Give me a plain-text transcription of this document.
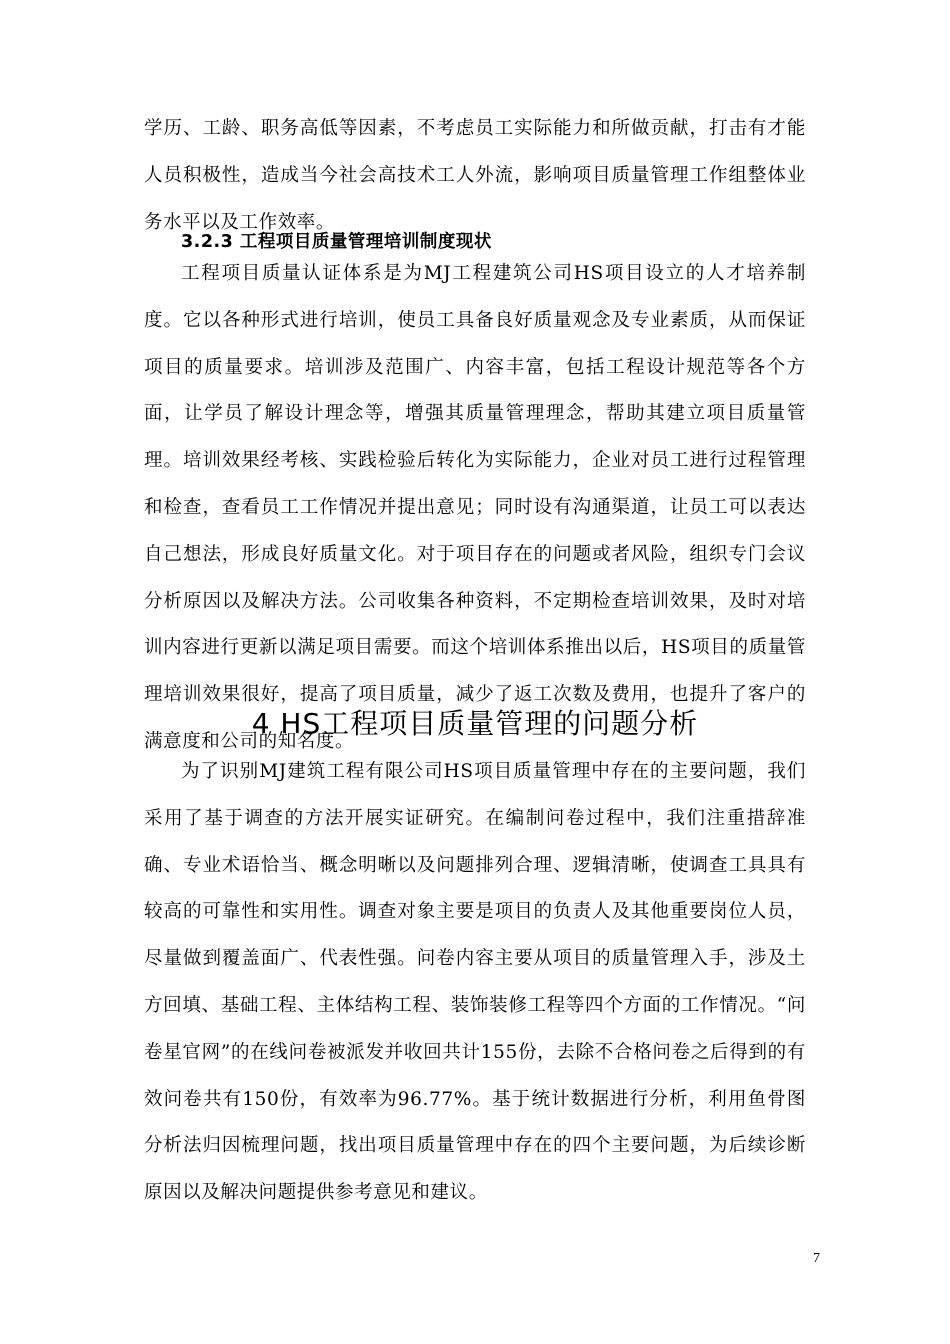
学历、工龄、职务高低等因素，不考虑员工实际能力和所做贡献，打击有才能人员积极性，造成当今社会高技术工人外流，影响项目质量管理工作组整体业务水平以及工作效率。

3.2.3 工程项目质量管理培训制度现状

工程项目质量认证体系是为MJ工程建筑公司HS项目设立的人才培养制度。它以各种形式进行培训，使员工具备良好质量观念及专业素质，从而保证项目的质量要求。培训涉及范围广、内容丰富，包括工程设计规范等各个方面，让学员了解设计理念等，增强其质量管理理念，帮助其建立项目质量管理。培训效果经考核、实践检验后转化为实际能力，企业对员工进行过程管理和检查，查看员工工作情况并提出意见；同时设有沟通渠道，让员工可以表达自己想法，形成良好质量文化。对于项目存在的问题或者风险，组织专门会议分析原因以及解决方法。公司收集各种资料，不定期检查培训效果，及时对培训内容进行更新以满足项目需要。而这个培训体系推出以后，HS项目的质量管理培训效果很好，提高了项目质量，减少了返工次数及费用，也提升了客户的满意度和公司的知名度。

4 HS工程项目质量管理的问题分析

为了识别MJ建筑工程有限公司HS项目质量管理中存在的主要问题，我们采用了基于调查的方法开展实证研究。在编制问卷过程中，我们注重措辞准确、专业术语恰当、概念明晰以及问题排列合理、逻辑清晰，使调查工具具有较高的可靠性和实用性。调查对象主要是项目的负责人及其他重要岗位人员，尽量做到覆盖面广、代表性强。问卷内容主要从项目的质量管理入手，涉及土方回填、基础工程、主体结构工程、装饰装修工程等四个方面的工作情况。“问卷星官网”的在线问卷被派发并收回共计155份，去除不合格问卷之后得到的有效问卷共有150份，有效率为96.77%。基于统计数据进行分析，利用鱼骨图分析法归因梳理问题，找出项目质量管理中存在的四个主要问题，为后续诊断原因以及解决问题提供参考意见和建议。

7
